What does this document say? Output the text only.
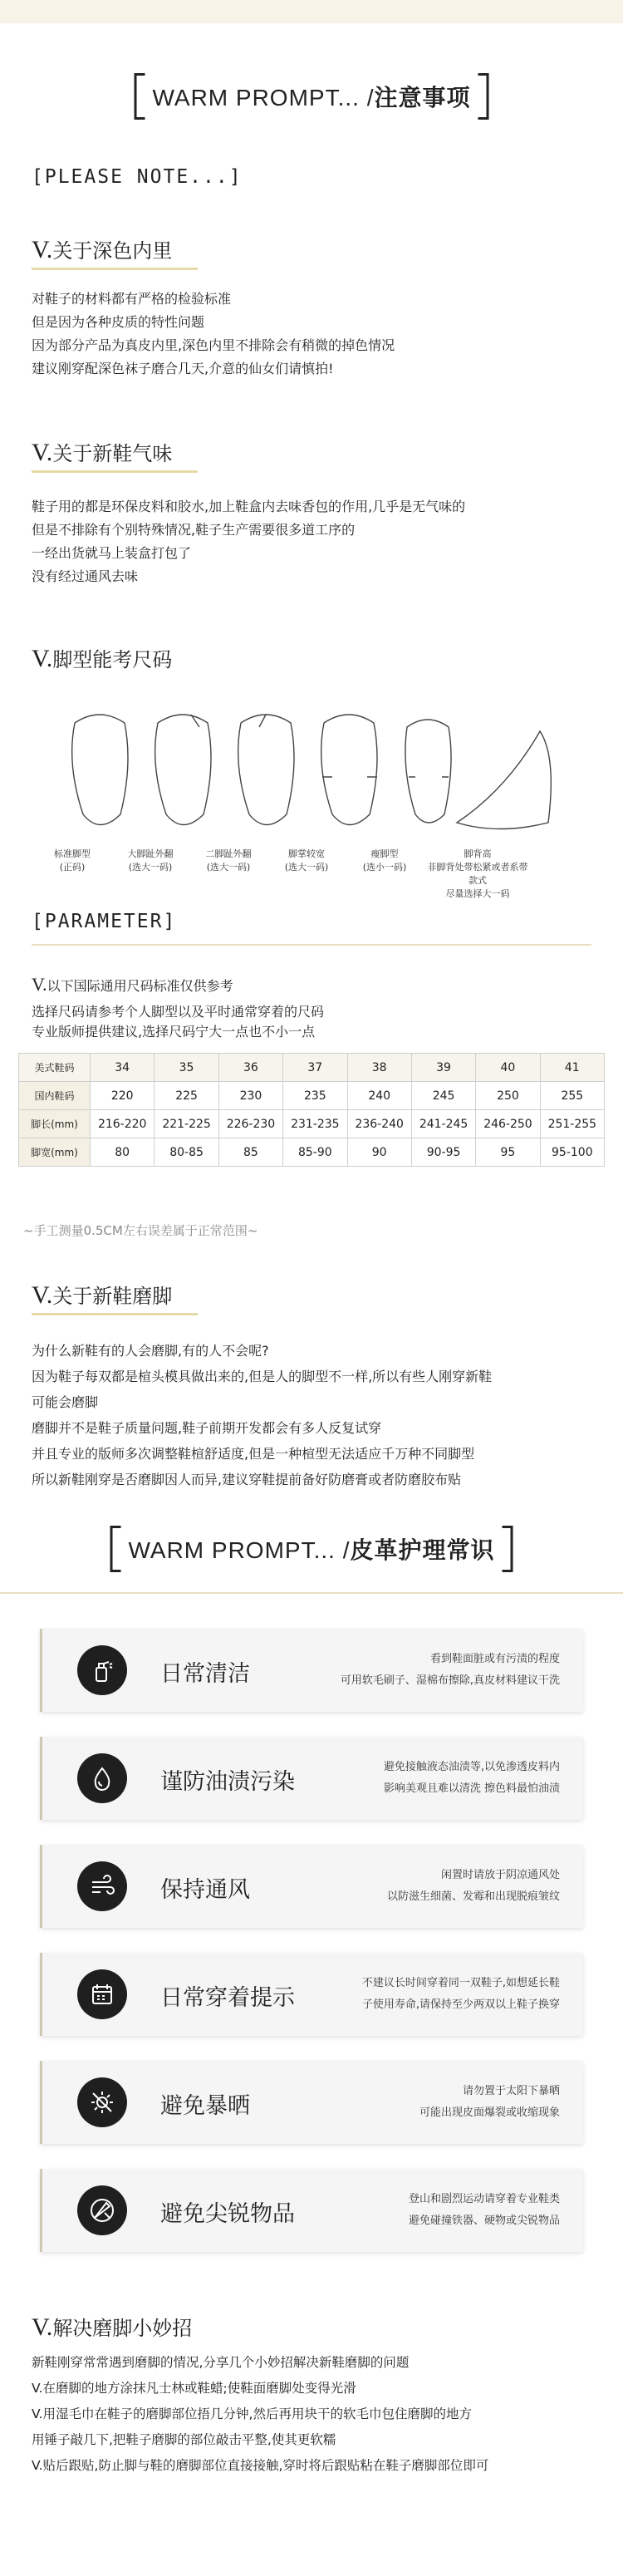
WARM PROMPT... /注意事项
[PLEASE NOTE...]
V.关于深色内里
对鞋子的材料都有严格的检验标准
但是因为各种皮质的特性问题
因为部分产品为真皮内里,深色内里不排除会有稍微的掉色情况
建议刚穿配深色袜子磨合几天,介意的仙女们请慎拍!
V.关于新鞋气味
鞋子用的都是环保皮料和胶水,加上鞋盒内去味香包的作用,几乎是无气味的
但是不排除有个别特殊情况,鞋子生产需要很多道工序的
一经出货就马上装盒打包了
没有经过通风去味
V.脚型能考尺码
标准脚型
(正码)
大脚趾外翻
(选大一码)
二脚趾外翻
(选大一码)
脚掌较宽
(选大一码)
瘦脚型
(选小一码)
脚背高
非脚背处带松紧或者系带款式
尽量选择大一码
[PARAMETER]
V.以下国际通用尺码标准仅供参考
选择尺码请参考个人脚型以及平时通常穿着的尺码
专业版师提供建议,选择尺码宁大一点也不小一点
美式鞋码	34	35	36	37	38	39	40	41
国内鞋码	220	225	230	235	240	245	250	255
脚长(mm)	216-220	221-225	226-230	231-235	236-240	241-245	246-250	251-255
脚宽(mm)	80	80-85	85	85-90	90	90-95	95	95-100
~手工测量0.5CM左右误差属于正常范围~
V.关于新鞋磨脚
为什么新鞋有的人会磨脚,有的人不会呢?
因为鞋子每双都是楦头模具做出来的,但是人的脚型不一样,所以有些人刚穿新鞋
可能会磨脚
磨脚并不是鞋子质量问题,鞋子前期开发都会有多人反复试穿
并且专业的版师多次调整鞋楦舒适度,但是一种楦型无法适应千万种不同脚型
所以新鞋刚穿是否磨脚因人而异,建议穿鞋提前备好防磨膏或者防磨胶布贴
WARM PROMPT... /皮革护理常识
日常清洁
看到鞋面脏或有污渍的程度
可用软毛刷子、湿棉布擦除,真皮材料建议干洗
谨防油渍污染
避免接触液态油渍等,以免渗透皮料内
影响美观且难以清洗 擦色料最怕油渍
保持通风
闲置时请放于阴凉通风处
以防滋生细菌、发霉和出现脱痕皱纹
日常穿着提示
不建议长时间穿着同一双鞋子,如想延长鞋
子使用寿命,请保持至少两双以上鞋子换穿
避免暴晒
请勿置于太阳下暴晒
可能出现皮面爆裂或收缩现象
避免尖锐物品
登山和剧烈运动请穿着专业鞋类
避免碰撞铁器、硬物或尖锐物品
V.解决磨脚小妙招
新鞋刚穿常常遇到磨脚的情况,分享几个小妙招解决新鞋磨脚的问题
V.在磨脚的地方涂抹凡士林或鞋蜡;使鞋面磨脚处变得光滑
V.用湿毛巾在鞋子的磨脚部位捂几分钟,然后再用块干的软毛巾包住磨脚的地方
用锤子敲几下,把鞋子磨脚的部位敲击平整,使其更软糯
V.贴后跟贴,防止脚与鞋的磨脚部位直接接触,穿时将后跟贴粘在鞋子磨脚部位即可
